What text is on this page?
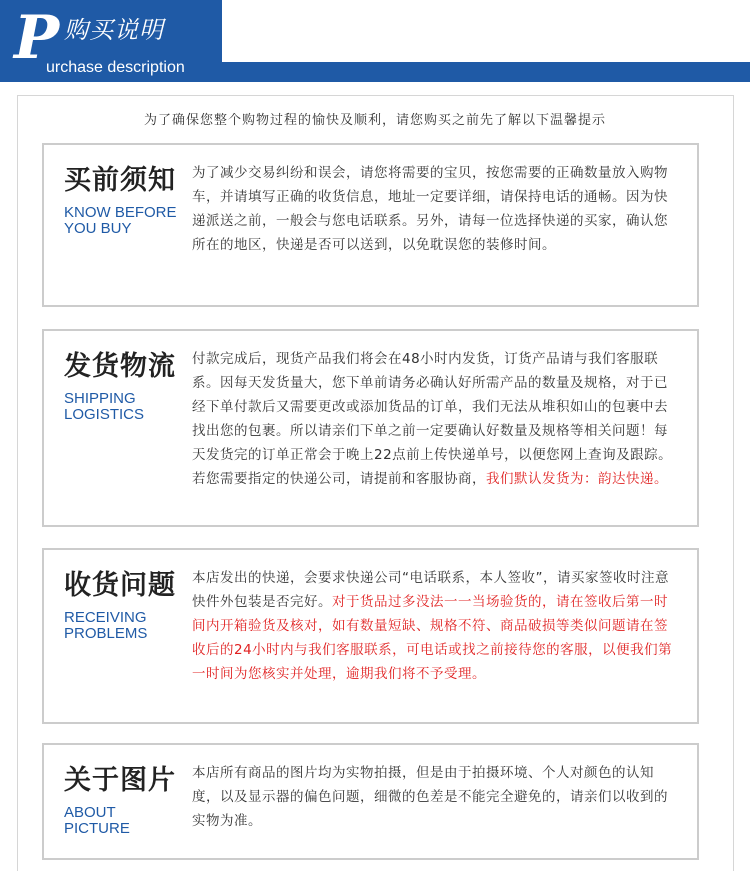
P 购买说明
urchase description
为了确保您整个购物过程的愉快及顺利，请您购买之前先了解以下温馨提示
买前须知
KNOW BEFORE
YOU BUY
为了减少交易纠纷和误会，请您将需要的宝贝，按您需要的正确数量放入购物车，并请填写正确的收货信息，地址一定要详细，请保持电话的通畅。因为快递派送之前，一般会与您电话联系。另外，请每一位选择快递的买家，确认您所在的地区，快递是否可以送到，以免耽误您的装修时间。
发货物流
SHIPPING
LOGISTICS
付款完成后，现货产品我们将会在48小时内发货，订货产品请与我们客服联系。因每天发货量大，您下单前请务必确认好所需产品的数量及规格，对于已经下单付款后又需要更改或添加货品的订单，我们无法从堆积如山的包裹中去找出您的包裹。所以请亲们下单之前一定要确认好数量及规格等相关问题！每天发货完的订单正常会于晚上22点前上传快递单号，以便您网上查询及跟踪。若您需要指定的快递公司，请提前和客服协商，我们默认发货为：韵达快递。
收货问题
RECEIVING
PROBLEMS
本店发出的快递，会要求快递公司“电话联系，本人签收”，请买家签收时注意快件外包装是否完好。对于货品过多没法一一当场验货的，请在签收后第一时间内开箱验货及核对，如有数量短缺、规格不符、商品破损等类似问题请在签收后的24小时内与我们客服联系，可电话或找之前接待您的客服，以便我们第一时间为您核实并处理，逾期我们将不予受理。
关于图片
ABOUT
PICTURE
本店所有商品的图片均为实物拍摄，但是由于拍摄环境、个人对颜色的认知度，以及显示器的偏色问题，细微的色差是不能完全避免的，请亲们以收到的实物为准。
